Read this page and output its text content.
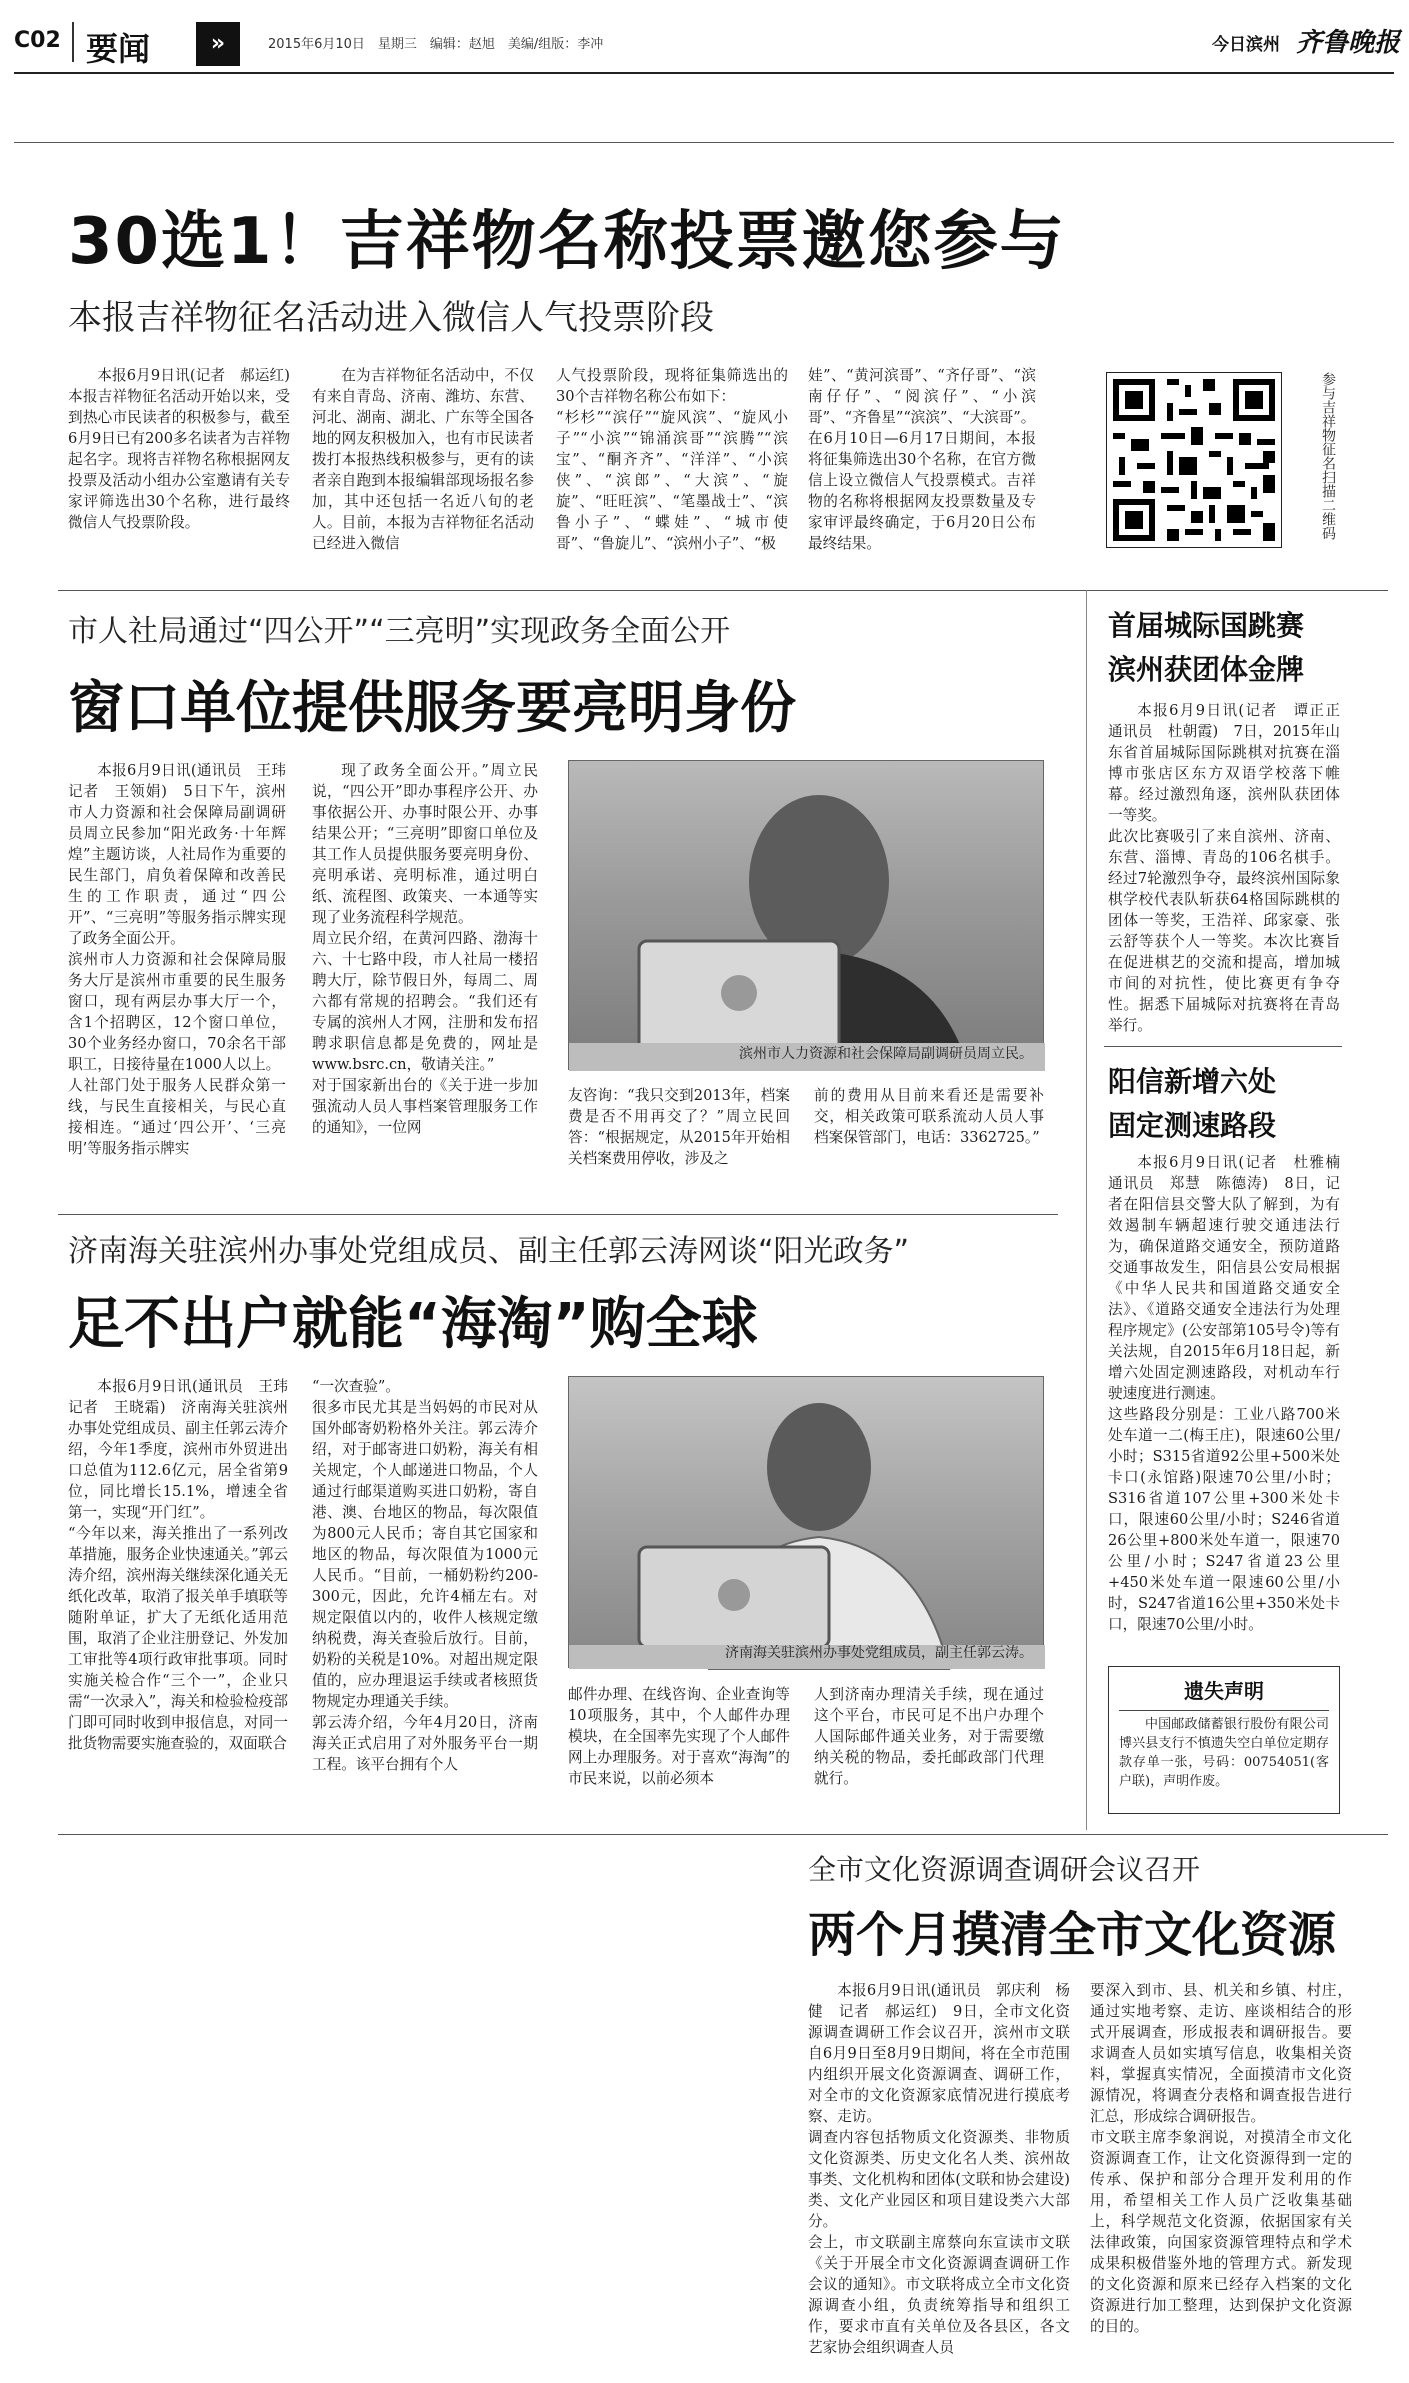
C02 要闻	»	2015年6月10日　星期三　编辑：赵旭　美编/组版：李冲	今日滨州 齐鲁晚报
30选1！吉祥物名称投票邀您参与
本报吉祥物征名活动进入微信人气投票阶段
本报6月9日讯(记者　郝运红)　本报吉祥物征名活动开始以来，受到热心市民读者的积极参与，截至6月9日已有200多名读者为吉祥物起名字。现将吉祥物名称根据网友投票及活动小组办公室邀请有关专家评筛选出30个名称，进行最终微信人气投票阶段。
在为吉祥物征名活动中，不仅有来自青岛、济南、潍坊、东营、河北、湖南、湖北、广东等全国各地的网友积极加入，也有市民读者拨打本报热线积极参与，更有的读者亲自跑到本报编辑部现场报名参加，其中还包括一名近八旬的老人。目前，本报为吉祥物征名活动已经进入微信
人气投票阶段，现将征集筛选出的30个吉祥物名称公布如下：
“杉杉”“滨仔”“旋风滨”、“旋风小子”“小滨”“锦涌滨哥”“滨腾”“滨宝”、“酮齐齐”、“洋洋”、“小滨侠”、“滨郎”、“大滨”、“旋旋”、“旺旺滨”、“笔墨战士”、“滨鲁小子”、“蝶娃”、“城市使哥”、“鲁旋儿”、“滨州小子”、“极
娃”、“黄河滨哥”、“齐仔哥”、“滨南仔仔”、“阅滨仔”、“小滨哥”、“齐鲁星”“滨滨”、“大滨哥”。
在6月10日—6月17日期间，本报将征集筛选出30个名称，在官方微信上设立微信人气投票模式。吉祥物的名称将根据网友投票数量及专家审评最终确定，于6月20日公布最终结果。
参与吉祥物征名扫描二维码
市人社局通过“四公开”“三亮明”实现政务全面公开
窗口单位提供服务要亮明身份
本报6月9日讯(通讯员　王玮　记者　王领娟)　5日下午，滨州市人力资源和社会保障局副调研员周立民参加“阳光政务·十年辉煌”主题访谈，人社局作为重要的民生部门，肩负着保障和改善民生的工作职责，通过“四公开”、“三亮明”等服务指示牌实现了政务全面公开。
滨州市人力资源和社会保障局服务大厅是滨州市重要的民生服务窗口，现有两层办事大厅一个，含1个招聘区，12个窗口单位，30个业务经办窗口，70余名干部职工，日接待量在1000人以上。
人社部门处于服务人民群众第一线，与民生直接相关，与民心直接相连。“通过‘四公开’、‘三亮明’等服务指示牌实
现了政务全面公开。”周立民说，“四公开”即办事程序公开、办事依据公开、办事时限公开、办事结果公开；“三亮明”即窗口单位及其工作人员提供服务要亮明身份、亮明承诺、亮明标准，通过明白纸、流程图、政策夹、一本通等实现了业务流程科学规范。
周立民介绍，在黄河四路、渤海十六、十七路中段，市人社局一楼招聘大厅，除节假日外，每周二、周六都有常规的招聘会。“我们还有专属的滨州人才网，注册和发布招聘求职信息都是免费的，网址是www.bsrc.cn，敬请关注。”
对于国家新出台的《关于进一步加强流动人员人事档案管理服务工作的通知》，一位网
滨州市人力资源和社会保障局副调研员周立民。
友咨询：“我只交到2013年，档案费是否不用再交了？”周立民回答：“根据规定，从2015年开始相关档案费用停收，涉及之
前的费用从目前来看还是需要补交，相关政策可联系流动人员人事档案保管部门，电话：3362725。”
济南海关驻滨州办事处党组成员、副主任郭云涛网谈“阳光政务”
足不出户就能“海淘”购全球
本报6月9日讯(通讯员　王玮　记者　王晓霜)　济南海关驻滨州办事处党组成员、副主任郭云涛介绍，今年1季度，滨州市外贸进出口总值为112.6亿元，居全省第9位，同比增长15.1%，增速全省第一，实现“开门红”。
“今年以来，海关推出了一系列改革措施，服务企业快速通关。”郭云涛介绍，滨州海关继续深化通关无纸化改革，取消了报关单手填联等随附单证，扩大了无纸化适用范围，取消了企业注册登记、外发加工审批等4项行政审批事项。同时实施关检合作“三个一”，企业只需“一次录入”，海关和检验检疫部门即可同时收到申报信息，对同一批货物需要实施查验的，双面联合
“一次查验”。
很多市民尤其是当妈妈的市民对从国外邮寄奶粉格外关注。郭云涛介绍，对于邮寄进口奶粉，海关有相关规定，个人邮递进口物品，个人通过行邮渠道购买进口奶粉，寄自港、澳、台地区的物品，每次限值为800元人民币；寄自其它国家和地区的物品，每次限值为1000元人民币。“目前，一桶奶粉约200-300元，因此，允许4桶左右。对规定限值以内的，收件人核规定缴纳税费，海关查验后放行。目前，奶粉的关税是10%。对超出规定限值的，应办理退运手续或者核照货物规定办理通关手续。
郭云涛介绍，今年4月20日，济南海关正式启用了对外服务平台一期工程。该平台拥有个人
济南海关驻滨州办事处党组成员，副主任郭云涛。
邮件办理、在线咨询、企业查询等10项服务，其中，个人邮件办理模块，在全国率先实现了个人邮件网上办理服务。对于喜欢“海淘”的市民来说，以前必须本
人到济南办理清关手续，现在通过这个平台，市民可足不出户办理个人国际邮件通关业务，对于需要缴纳关税的物品，委托邮政部门代理就行。
首届城际国跳赛
滨州获团体金牌
本报6月9日讯(记者　谭正正　通讯员　杜朝霞)　7日，2015年山东省首届城际国际跳棋对抗赛在淄博市张店区东方双语学校落下帷幕。经过激烈角逐，滨州队获团体一等奖。
此次比赛吸引了来自滨州、济南、东营、淄博、青岛的106名棋手。经过7轮激烈争夺，最终滨州国际象棋学校代表队斩获64格国际跳棋的团体一等奖，王浩祥、邱家豪、张云舒等获个人一等奖。本次比赛旨在促进棋艺的交流和提高，增加城市间的对抗性，使比赛更有争夺性。据悉下届城际对抗赛将在青岛举行。
阳信新增六处
固定测速路段
本报6月9日讯(记者　杜雅楠　通讯员　郑慧　陈德涛)　8日，记者在阳信县交警大队了解到，为有效遏制车辆超速行驶交通违法行为，确保道路交通安全，预防道路交通事故发生，阳信县公安局根据《中华人民共和国道路交通安全法》、《道路交通安全违法行为处理程序规定》(公安部第105号令)等有关法规，自2015年6月18日起，新增六处固定测速路段，对机动车行驶速度进行测速。
这些路段分别是：工业八路700米处车道一二(梅王庄)，限速60公里/小时；S315省道92公里+500米处卡口(永馆路)限速70公里/小时；S316省道107公里+300米处卡口，限速60公里/小时；S246省道26公里+800米处车道一，限速70公里/小时；S247省道23公里+450米处车道一限速60公里/小时，S247省道16公里+350米处卡口，限速70公里/小时。
遗失声明
中国邮政储蓄银行股份有限公司博兴县支行不慎遗失空白单位定期存款存单一张，号码：00754051(客户联)，声明作废。
全市文化资源调查调研会议召开
两个月摸清全市文化资源
本报6月9日讯(通讯员　郭庆利　杨健　记者　郝运红)　9日，全市文化资源调查调研工作会议召开，滨州市文联自6月9日至8月9日期间，将在全市范围内组织开展文化资源调查、调研工作，对全市的文化资源家底情况进行摸底考察、走访。
调查内容包括物质文化资源类、非物质文化资源类、历史文化名人类、滨州故事类、文化机构和团体(文联和协会建设)类、文化产业园区和项目建设类六大部分。
会上，市文联副主席蔡向东宣读市文联《关于开展全市文化资源调查调研工作会议的通知》。市文联将成立全市文化资源调查小组，负责统筹指导和组织工作，要求市直有关单位及各县区，各文艺家协会组织调查人员
要深入到市、县、机关和乡镇、村庄，通过实地考察、走访、座谈相结合的形式开展调查，形成报表和调研报告。要求调查人员如实填写信息，收集相关资料，掌握真实情况，全面摸清市文化资源情况，将调查分表格和调查报告进行汇总，形成综合调研报告。
市文联主席李象润说，对摸清全市文化资源调查工作，让文化资源得到一定的传承、保护和部分合理开发利用的作用，希望相关工作人员广泛收集基础上，科学规范文化资源，依据国家有关法律政策，向国家资源管理特点和学术成果积极借鉴外地的管理方式。新发现的文化资源和原来已经存入档案的文化资源进行加工整理，达到保护文化资源的目的。
